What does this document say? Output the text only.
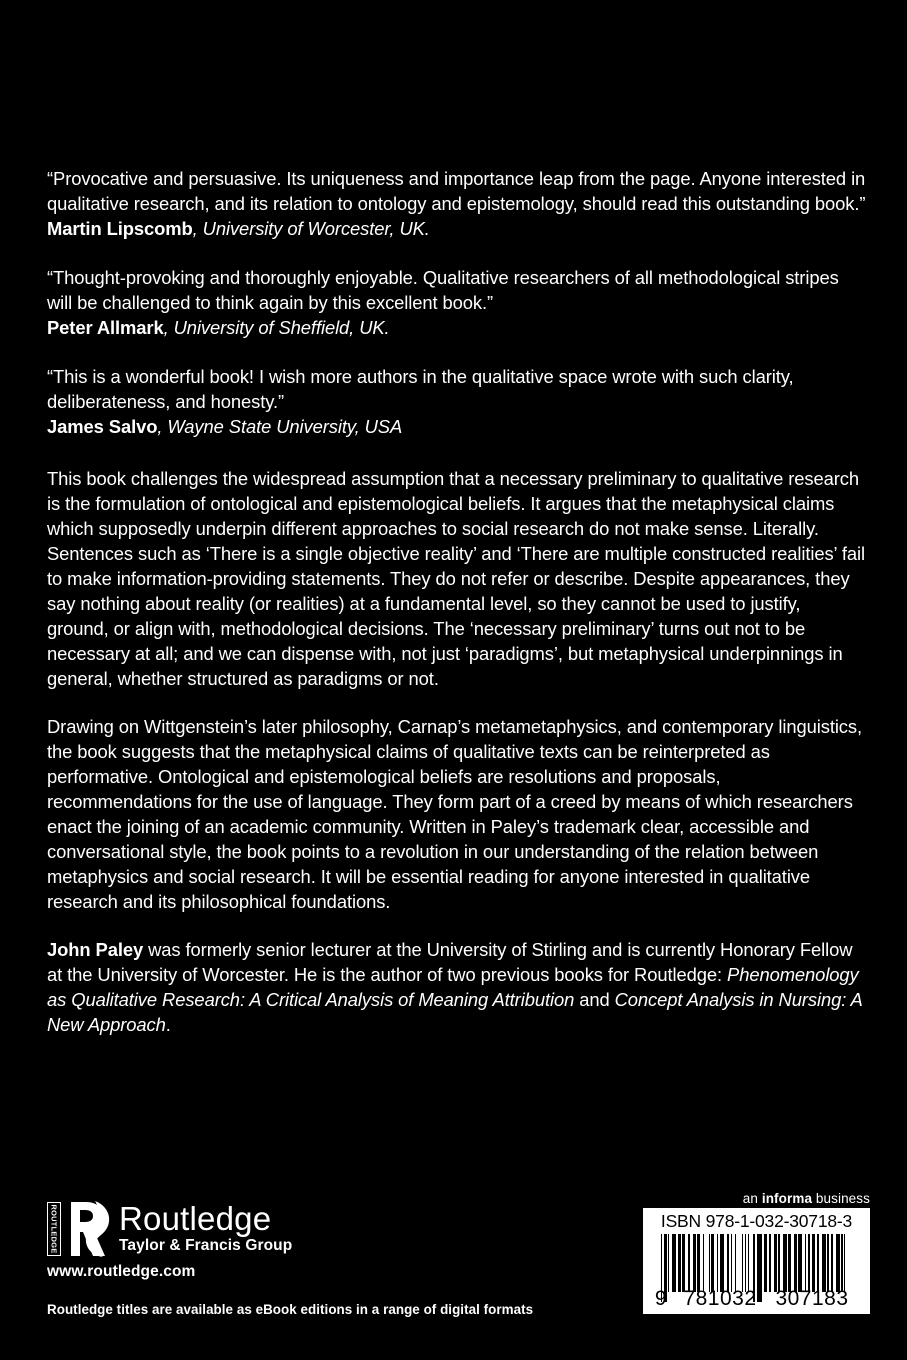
“Provocative and persuasive. Its uniqueness and importance leap from the page. Anyone interested in qualitative research, and its relation to ontology and epistemology, should read this outstanding book.”
Martin Lipscomb, University of Worcester, UK.

“Thought-provoking and thoroughly enjoyable. Qualitative researchers of all methodological stripes will be challenged to think again by this excellent book.”
Peter Allmark, University of Sheffield, UK.

“This is a wonderful book! I wish more authors in the qualitative space wrote with such clarity, deliberateness, and honesty.”
James Salvo, Wayne State University, USA

This book challenges the widespread assumption that a necessary preliminary to qualitative research is the formulation of ontological and epistemological beliefs. It argues that the metaphysical claims which supposedly underpin different approaches to social research do not make sense. Literally. Sentences such as ‘There is a single objective reality’ and ‘There are multiple constructed realities’ fail to make information-providing statements. They do not refer or describe. Despite appearances, they say nothing about reality (or realities) at a fundamental level, so they cannot be used to justify, ground, or align with, methodological decisions. The ‘necessary preliminary’ turns out not to be necessary at all; and we can dispense with, not just ‘paradigms’, but metaphysical underpinnings in general, whether structured as paradigms or not.

Drawing on Wittgenstein’s later philosophy, Carnap’s metametaphysics, and contemporary linguistics, the book suggests that the metaphysical claims of qualitative texts can be reinterpreted as performative. Ontological and epistemological beliefs are resolutions and proposals, recommendations for the use of language. They form part of a creed by means of which researchers enact the joining of an academic community. Written in Paley’s trademark clear, accessible and conversational style, the book points to a revolution in our understanding of the relation between metaphysics and social research. It will be essential reading for anyone interested in qualitative research and its philosophical foundations.

John Paley was formerly senior lecturer at the University of Stirling and is currently Honorary Fellow at the University of Worcester. He is the author of two previous books for Routledge: Phenomenology as Qualitative Research: A Critical Analysis of Meaning Attribution and Concept Analysis in Nursing: A New Approach.

ROUTLEDGE Routledge
Taylor & Francis Group
www.routledge.com
Routledge titles are available as eBook editions in a range of digital formats
an informa business
ISBN 978-1-032-30718-3
9 781032 307183
